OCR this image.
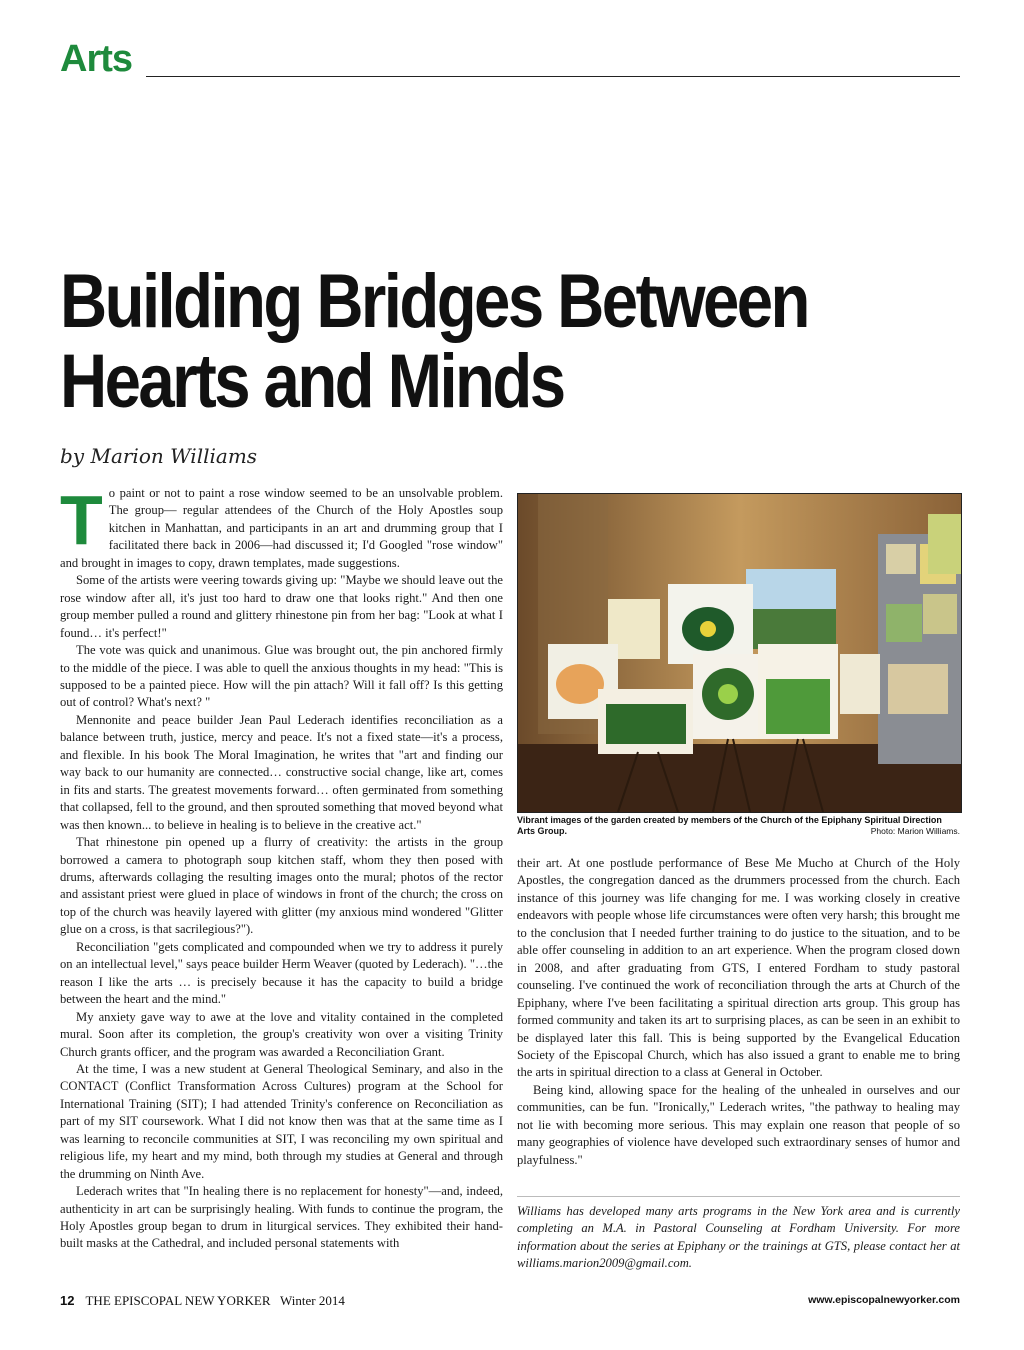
Arts
Building Bridges Between
Hearts and Minds
by Marion Williams

To paint or not to paint a rose window seemed to be an unsolvable problem. The group— regular attendees of the Church of the Holy Apostles soup kitchen in Manhattan, and participants in an art and drumming group that I facilitated there back in 2006—had discussed it; I'd Googled "rose window" and brought in images to copy, drawn templates, made suggestions.

Some of the artists were veering towards giving up: "Maybe we should leave out the rose window after all, it's just too hard to draw one that looks right." And then one group member pulled a round and glittery rhinestone pin from her bag: "Look at what I found… it's perfect!"

The vote was quick and unanimous. Glue was brought out, the pin anchored firmly to the middle of the piece. I was able to quell the anxious thoughts in my head: "This is supposed to be a painted piece. How will the pin attach? Will it fall off? Is this getting out of control? What's next? "

Mennonite and peace builder Jean Paul Lederach identifies reconciliation as a balance between truth, justice, mercy and peace. It's not a fixed state—it's a process, and flexible. In his book The Moral Imagination, he writes that "art and finding our way back to our humanity are connected… constructive social change, like art, comes in fits and starts. The greatest movements forward… often germinated from something that collapsed, fell to the ground, and then sprouted something that moved beyond what was then known... to believe in healing is to believe in the creative act."

That rhinestone pin opened up a flurry of creativity: the artists in the group borrowed a camera to photograph soup kitchen staff, whom they then posed with drums, afterwards collaging the resulting images onto the mural; photos of the rector and assistant priest were glued in place of windows in front of the church; the cross on top of the church was heavily layered with glitter (my anxious mind wondered "Glitter glue on a cross, is that sacrilegious?").

Reconciliation "gets complicated and compounded when we try to address it purely on an intellectual level," says peace builder Herm Weaver (quoted by Lederach). "…the reason I like the arts … is precisely because it has the capacity to build a bridge between the heart and the mind."

My anxiety gave way to awe at the love and vitality contained in the completed mural. Soon after its completion, the group's creativity won over a visiting Trinity Church grants officer, and the program was awarded a Reconciliation Grant.

At the time, I was a new student at General Theological Seminary, and also in the CONTACT (Conflict Transformation Across Cultures) program at the School for International Training (SIT); I had attended Trinity's conference on Reconciliation as part of my SIT coursework. What I did not know then was that at the same time as I was learning to reconcile communities at SIT, I was reconciling my own spiritual and religious life, my heart and my mind, both through my studies at General and through the drumming on Ninth Ave.

Lederach writes that "In healing there is no replacement for honesty"—and, indeed, authenticity in art can be surprisingly healing. With funds to continue the program, the Holy Apostles group began to drum in liturgical services. They exhibited their hand-built masks at the Cathedral, and included personal statements with

Vibrant images of the garden created by members of the Church of the Epiphany Spiritual Direction Arts Group.	Photo: Marion Williams.

their art. At one postlude performance of Bese Me Mucho at Church of the Holy Apostles, the congregation danced as the drummers processed from the church. Each instance of this journey was life changing for me. I was working closely in creative endeavors with people whose life circumstances were often very harsh; this brought me to the conclusion that I needed further training to do justice to the situation, and to be able offer counseling in addition to an art experience. When the program closed down in 2008, and after graduating from GTS, I entered Fordham to study pastoral counseling. I've continued the work of reconciliation through the arts at Church of the Epiphany, where I've been facilitating a spiritual direction arts group. This group has formed community and taken its art to surprising places, as can be seen in an exhibit to be displayed later this fall. This is being supported by the Evangelical Education Society of the Episcopal Church, which has also issued a grant to enable me to bring the arts in spiritual direction to a class at General in October.

Being kind, allowing space for the healing of the unhealed in ourselves and our communities, can be fun. "Ironically," Lederach writes, "the pathway to healing may not lie with becoming more serious. This may explain one reason that people of so many geographies of violence have developed such extraordinary senses of humor and playfulness."

Williams has developed many arts programs in the New York area and is currently completing an M.A. in Pastoral Counseling at Fordham University. For more information about the series at Epiphany or the trainings at GTS, please contact her at williams.marion2009@gmail.com.
12 THE EPISCOPAL NEW YORKER Winter 2014	www.episcopalnewyorker.com
